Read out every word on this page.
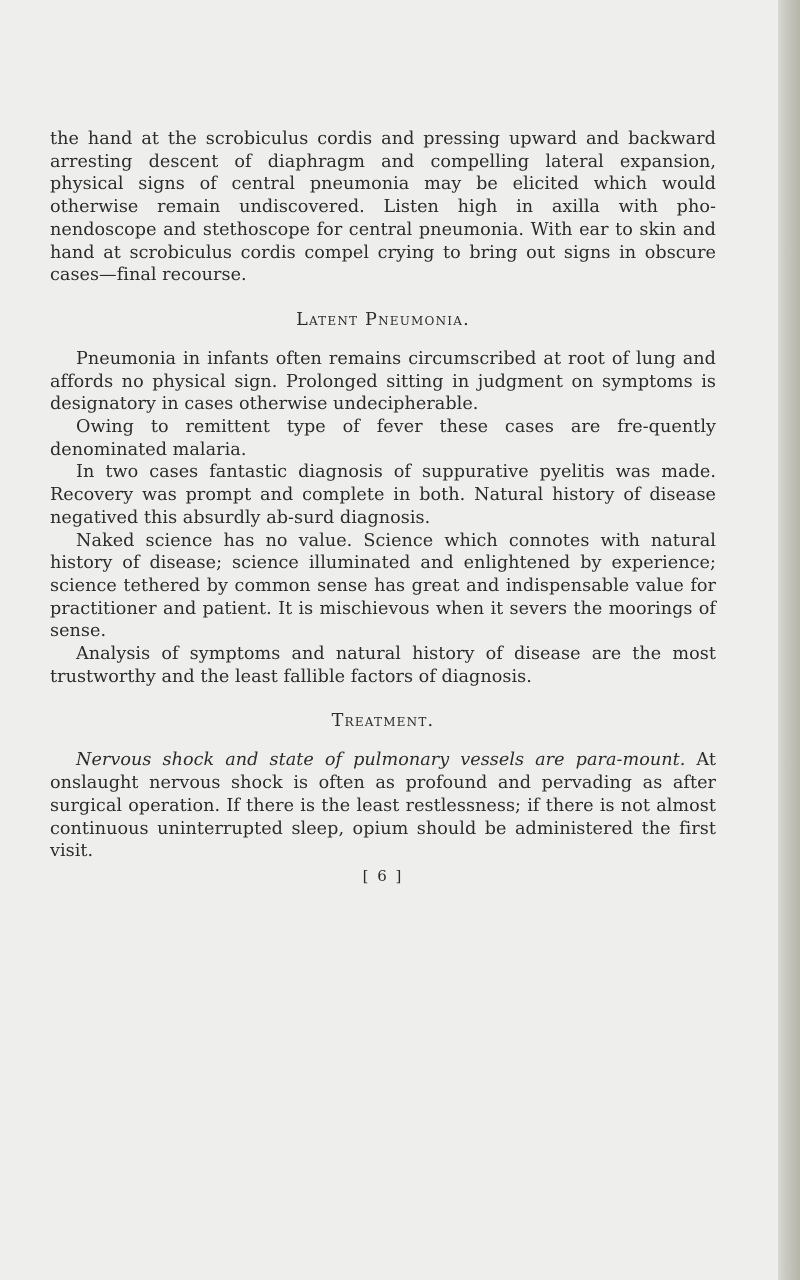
the hand at the scrobiculus cordis and pressing upward and backward arresting descent of diaphragm and compelling lateral expansion, physical signs of central pneumonia may be elicited which would otherwise remain undiscovered. Listen high in axilla with pho-nendoscope and stethoscope for central pneumonia. With ear to skin and hand at scrobiculus cordis compel crying to bring out signs in obscure cases—final recourse.

Latent Pneumonia.

Pneumonia in infants often remains circumscribed at root of lung and affords no physical sign. Prolonged sitting in judgment on symptoms is designatory in cases otherwise undecipherable.

Owing to remittent type of fever these cases are fre-quently denominated malaria.

In two cases fantastic diagnosis of suppurative pyelitis was made. Recovery was prompt and complete in both. Natural history of disease negatived this absurdly ab-surd diagnosis.

Naked science has no value. Science which connotes with natural history of disease; science illuminated and enlightened by experience; science tethered by common sense has great and indispensable value for practitioner and patient. It is mischievous when it severs the moorings of sense.

Analysis of symptoms and natural history of disease are the most trustworthy and the least fallible factors of diagnosis.

Treatment.

Nervous shock and state of pulmonary vessels are para-mount. At onslaught nervous shock is often as profound and pervading as after surgical operation. If there is the least restlessness; if there is not almost continuous uninterrupted sleep, opium should be administered the first visit.

[ 6 ]
